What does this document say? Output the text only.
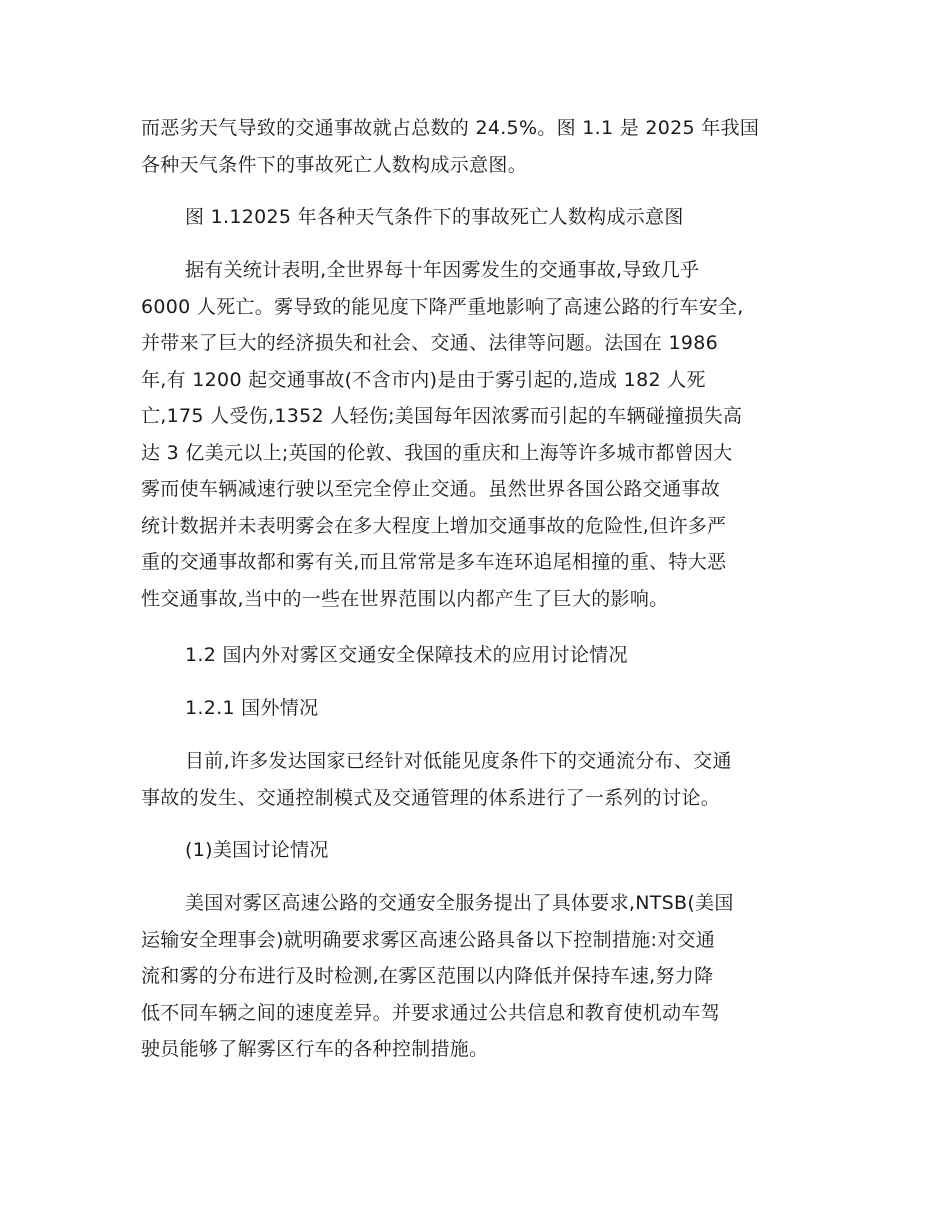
而恶劣天气导致的交通事故就占总数的 24.5%。图 1.1 是 2025 年我国
各种天气条件下的事故死亡人数构成示意图。
图 1.12025 年各种天气条件下的事故死亡人数构成示意图
据有关统计表明,全世界每十年因雾发生的交通事故,导致几乎
6000 人死亡。雾导致的能见度下降严重地影响了高速公路的行车安全,
并带来了巨大的经济损失和社会、交通、法律等问题。法国在 1986
年,有 1200 起交通事故(不含市内)是由于雾引起的,造成 182 人死
亡,175 人受伤,1352 人轻伤;美国每年因浓雾而引起的车辆碰撞损失高
达 3 亿美元以上;英国的伦敦、我国的重庆和上海等许多城市都曾因大
雾而使车辆减速行驶以至完全停止交通。虽然世界各国公路交通事故
统计数据并未表明雾会在多大程度上增加交通事故的危险性,但许多严
重的交通事故都和雾有关,而且常常是多车连环追尾相撞的重、特大恶
性交通事故,当中的一些在世界范围以内都产生了巨大的影响。
1.2 国内外对雾区交通安全保障技术的应用讨论情况
1.2.1 国外情况
目前,许多发达国家已经针对低能见度条件下的交通流分布、交通
事故的发生、交通控制模式及交通管理的体系进行了一系列的讨论。
(1)美国讨论情况
美国对雾区高速公路的交通安全服务提出了具体要求,NTSB(美国
运输安全理事会)就明确要求雾区高速公路具备以下控制措施:对交通
流和雾的分布进行及时检测,在雾区范围以内降低并保持车速,努力降
低不同车辆之间的速度差异。并要求通过公共信息和教育使机动车驾
驶员能够了解雾区行车的各种控制措施。
